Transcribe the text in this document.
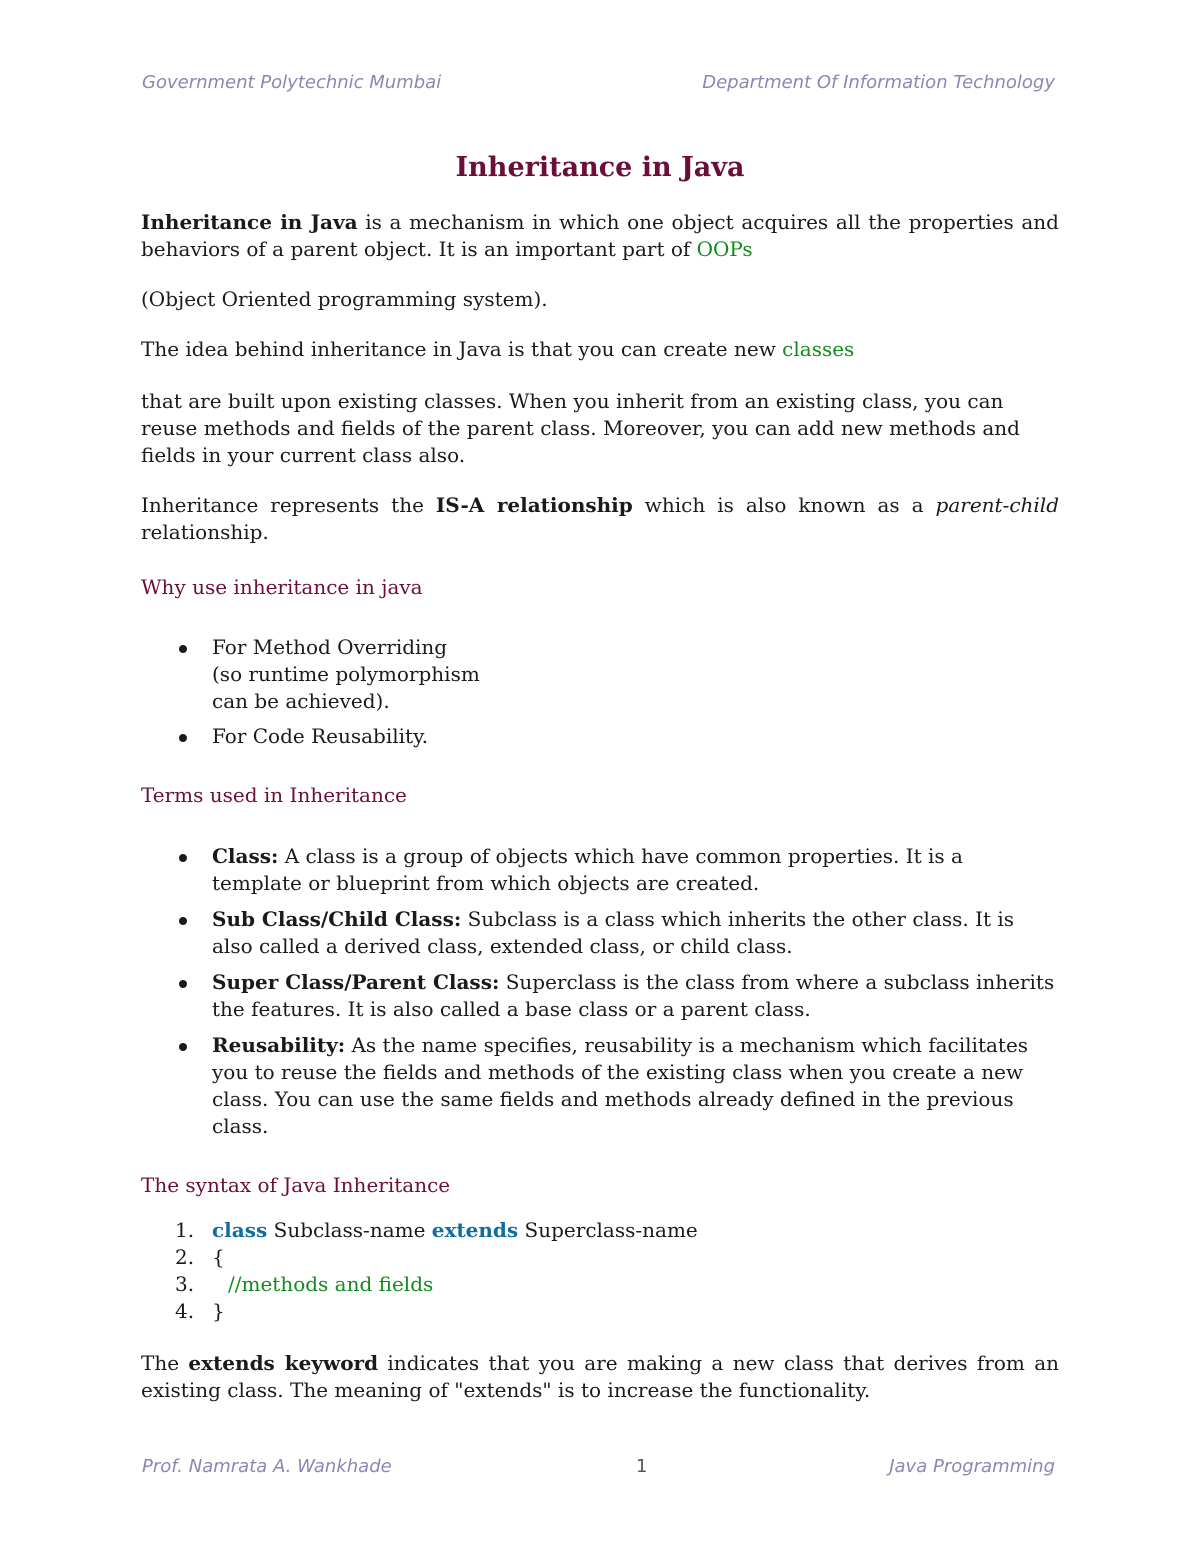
Government Polytechnic Mumbai	Department Of Information Technology
Inheritance in Java

Inheritance in Java is a mechanism in which one object acquires all the properties and behaviors of a parent object. It is an important part of OOPs

(Object Oriented programming system).

The idea behind inheritance in Java is that you can create new classes

that are built upon existing classes. When you inherit from an existing class, you can reuse methods and fields of the parent class. Moreover, you can add new methods and fields in your current class also.

Inheritance represents the IS-A relationship which is also known as a parent-child relationship.

Why use inheritance in java

For Method Overriding
(so runtime polymorphism
can be achieved).
For Code Reusability.

Terms used in Inheritance

Class: A class is a group of objects which have common properties. It is a template or blueprint from which objects are created.
Sub Class/Child Class: Subclass is a class which inherits the other class. It is also called a derived class, extended class, or child class.
Super Class/Parent Class: Superclass is the class from where a subclass inherits the features. It is also called a base class or a parent class.
Reusability: As the name specifies, reusability is a mechanism which facilitates you to reuse the fields and methods of the existing class when you create a new class. You can use the same fields and methods already defined in the previous class.

The syntax of Java Inheritance

1. class Subclass-name extends Superclass-name
2. {
3. //methods and fields
4. }

The extends keyword indicates that you are making a new class that derives from an existing class. The meaning of "extends" is to increase the functionality.

Prof. Namrata A. Wankhade	1	Java Programming
